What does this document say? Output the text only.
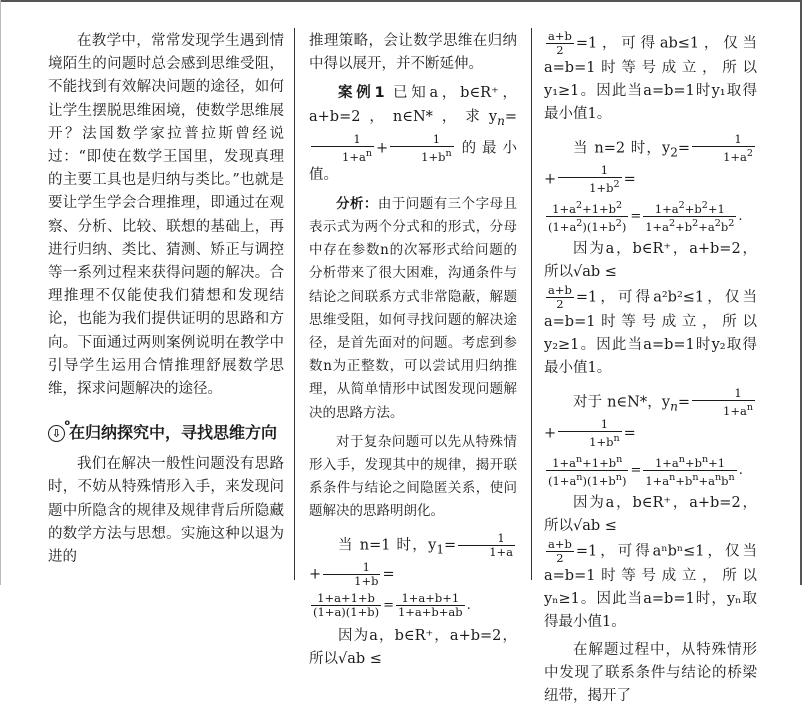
在教学中，常常发现学生遇到情境陌生的问题时总会感到思维受阻，不能找到有效解决问题的途径，如何让学生摆脱思维困境，使数学思维展开？法国数学家拉普拉斯曾经说过：“即使在数学王国里，发现真理的主要工具也是归纳与类比。”也就是要让学生学会合理推理，即通过在观察、分析、比较、联想的基础上，再进行归纳、类比、猜测、矫正与调控等一系列过程来获得问题的解决。合理推理不仅能使我们猜想和发现结论，也能为我们提供证明的思路和方向。下面通过两则案例说明在教学中引导学生运用合情推理舒展数学思维，探求问题解决的途径。

⇩
o
在归纳探究中，寻找思维方向

我们在解决一般性问题没有思路时，不妨从特殊情形入手，来发现问题中所隐含的规律及规律背后所隐藏的数学方法与思想。实施这种以退为进的

推理策略，会让数学思维在归纳中得以展开，并不断延伸。

案例1 已知a，b∈R⁺，a+b=2，n∈N*，求$y_n=$
$\frac{1}{1+a^n} + \frac{1}{1+b^n}$ 的最小值。

分析：由于问题有三个字母且表示式为两个分式和的形式，分母中存在参数n的次幂形式给问题的分析带来了很大困难，沟通条件与结论之间联系方式非常隐蔽，解题思维受阻，如何寻找问题的解决途径，是首先面对的问题。考虑到参数n为正整数，可以尝试用归纳推理，从简单情形中试图发现问题解决的思路方法。

对于复杂问题可以先从特殊情形入手，发现其中的规律，揭开联系条件与结论之间隐匿关系，使问题解决的思路明朗化。

当 n=1 时，$y_1= \frac{1}{1+a}$
+ $\frac{1}{1+b}$ =

$\frac{1+a+1+b}{(1+a)(1+b)} = \frac{1+a+b+1}{1+a+b+ab}$ .

因为a，b∈R⁺，a+b=2，所以√ab ≤

$\frac{a+b}{2} =1$，可得ab≤1，仅当a=b=1时等号成立，所以y₁≥1。因此当a=b=1时y₁取得最小值1。

当 n=2 时，$y_2= \frac{1}{1+a^2}$
+ $\frac{1}{1+b^2}$ =

$\frac{1+a^2+1+b^2}{(1+a^2)(1+b^2)} = \frac{1+a^2+b^2+1}{1+a^2+b^2+a^2b^2}$ .

因为a，b∈R⁺，a+b=2，所以√ab ≤

$\frac{a+b}{2} =1$，可得a²b²≤1，仅当a=b=1时等号成立，所以y₂≥1。因此当a=b=1时y₂取得最小值1。

对于 n∈N*，$y_n= \frac{1}{1+a^n}$
+ $\frac{1}{1+b^n}$ =

$\frac{1+a^n+1+b^n}{(1+a^n)(1+b^n)} = \frac{1+a^n+b^n+1}{1+a^n+b^n+a^nb^n}$ .

因为a，b∈R⁺，a+b=2，所以√ab ≤

$\frac{a+b}{2} =1$，可得aⁿbⁿ≤1，仅当a=b=1时等号成立，所以yₙ≥1。因此当a=b=1时，yₙ取得最小值1。

在解题过程中，从特殊情形中发现了联系条件与结论的桥梁纽带，揭开了
